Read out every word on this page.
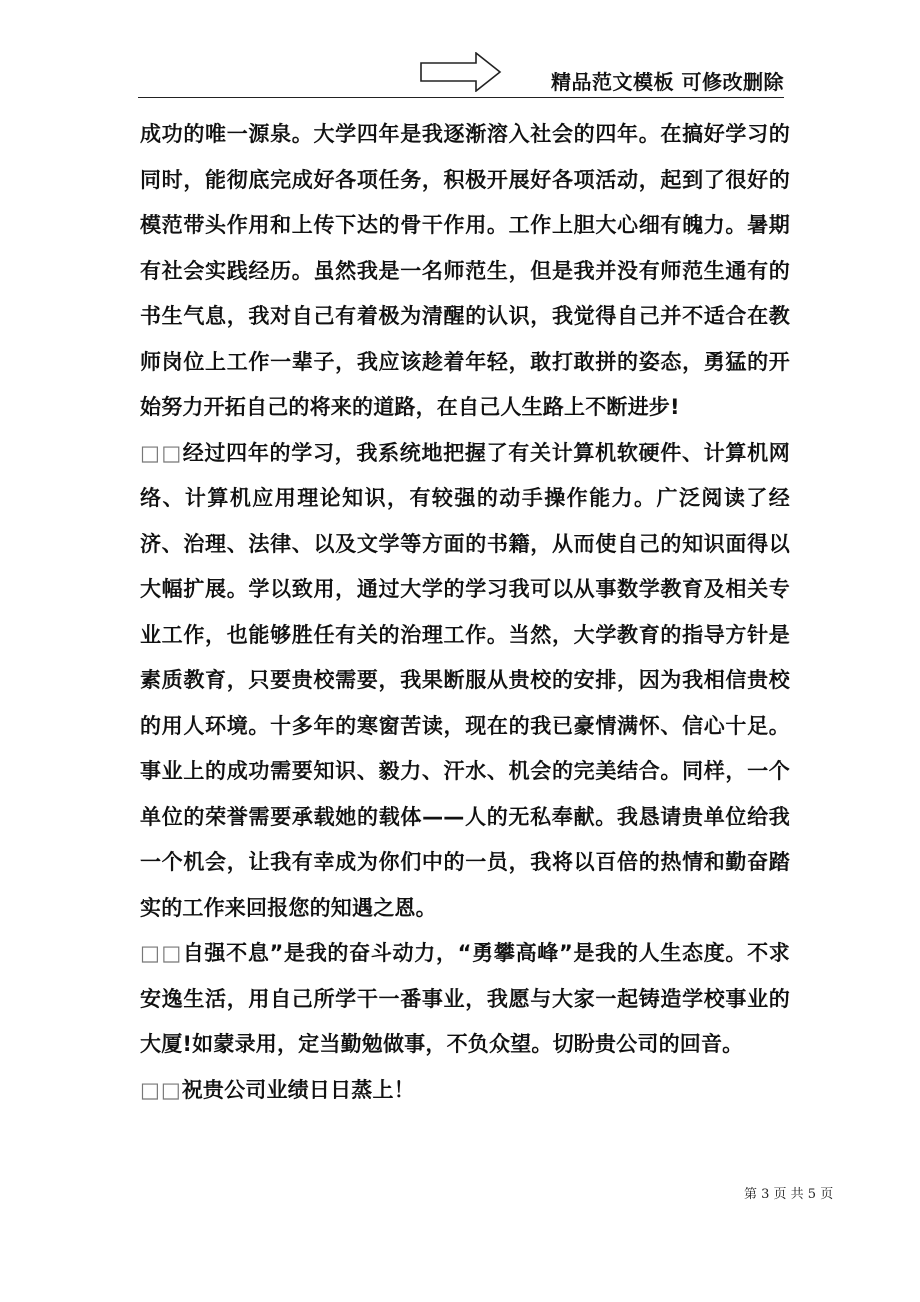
精品范文模板 可修改删除

成功的唯一源泉。大学四年是我逐渐溶入社会的四年。在搞好学习的同时，能彻底完成好各项任务，积极开展好各项活动，起到了很好的模范带头作用和上传下达的骨干作用。工作上胆大心细有魄力。暑期有社会实践经历。虽然我是一名师范生，但是我并没有师范生通有的书生气息，我对自己有着极为清醒的认识，我觉得自己并不适合在教师岗位上工作一辈子，我应该趁着年轻，敢打敢拼的姿态，勇猛的开始努力开拓自己的将来的道路，在自己人生路上不断进步!

□□经过四年的学习，我系统地把握了有关计算机软硬件、计算机网络、计算机应用理论知识，有较强的动手操作能力。广泛阅读了经济、治理、法律、以及文学等方面的书籍，从而使自己的知识面得以大幅扩展。学以致用，通过大学的学习我可以从事数学教育及相关专业工作，也能够胜任有关的治理工作。当然，大学教育的指导方针是素质教育，只要贵校需要，我果断服从贵校的安排，因为我相信贵校的用人环境。十多年的寒窗苦读，现在的我已豪情满怀、信心十足。事业上的成功需要知识、毅力、汗水、机会的完美结合。同样，一个单位的荣誉需要承载她的载体——人的无私奉献。我恳请贵单位给我一个机会，让我有幸成为你们中的一员，我将以百倍的热情和勤奋踏实的工作来回报您的知遇之恩。

□□自强不息”是我的奋斗动力，“勇攀高峰”是我的人生态度。不求安逸生活，用自己所学干一番事业，我愿与大家一起铸造学校事业的大厦!如蒙录用，定当勤勉做事，不负众望。切盼贵公司的回音。

□□祝贵公司业绩日日蒸上！

第 3 页 共 5 页
